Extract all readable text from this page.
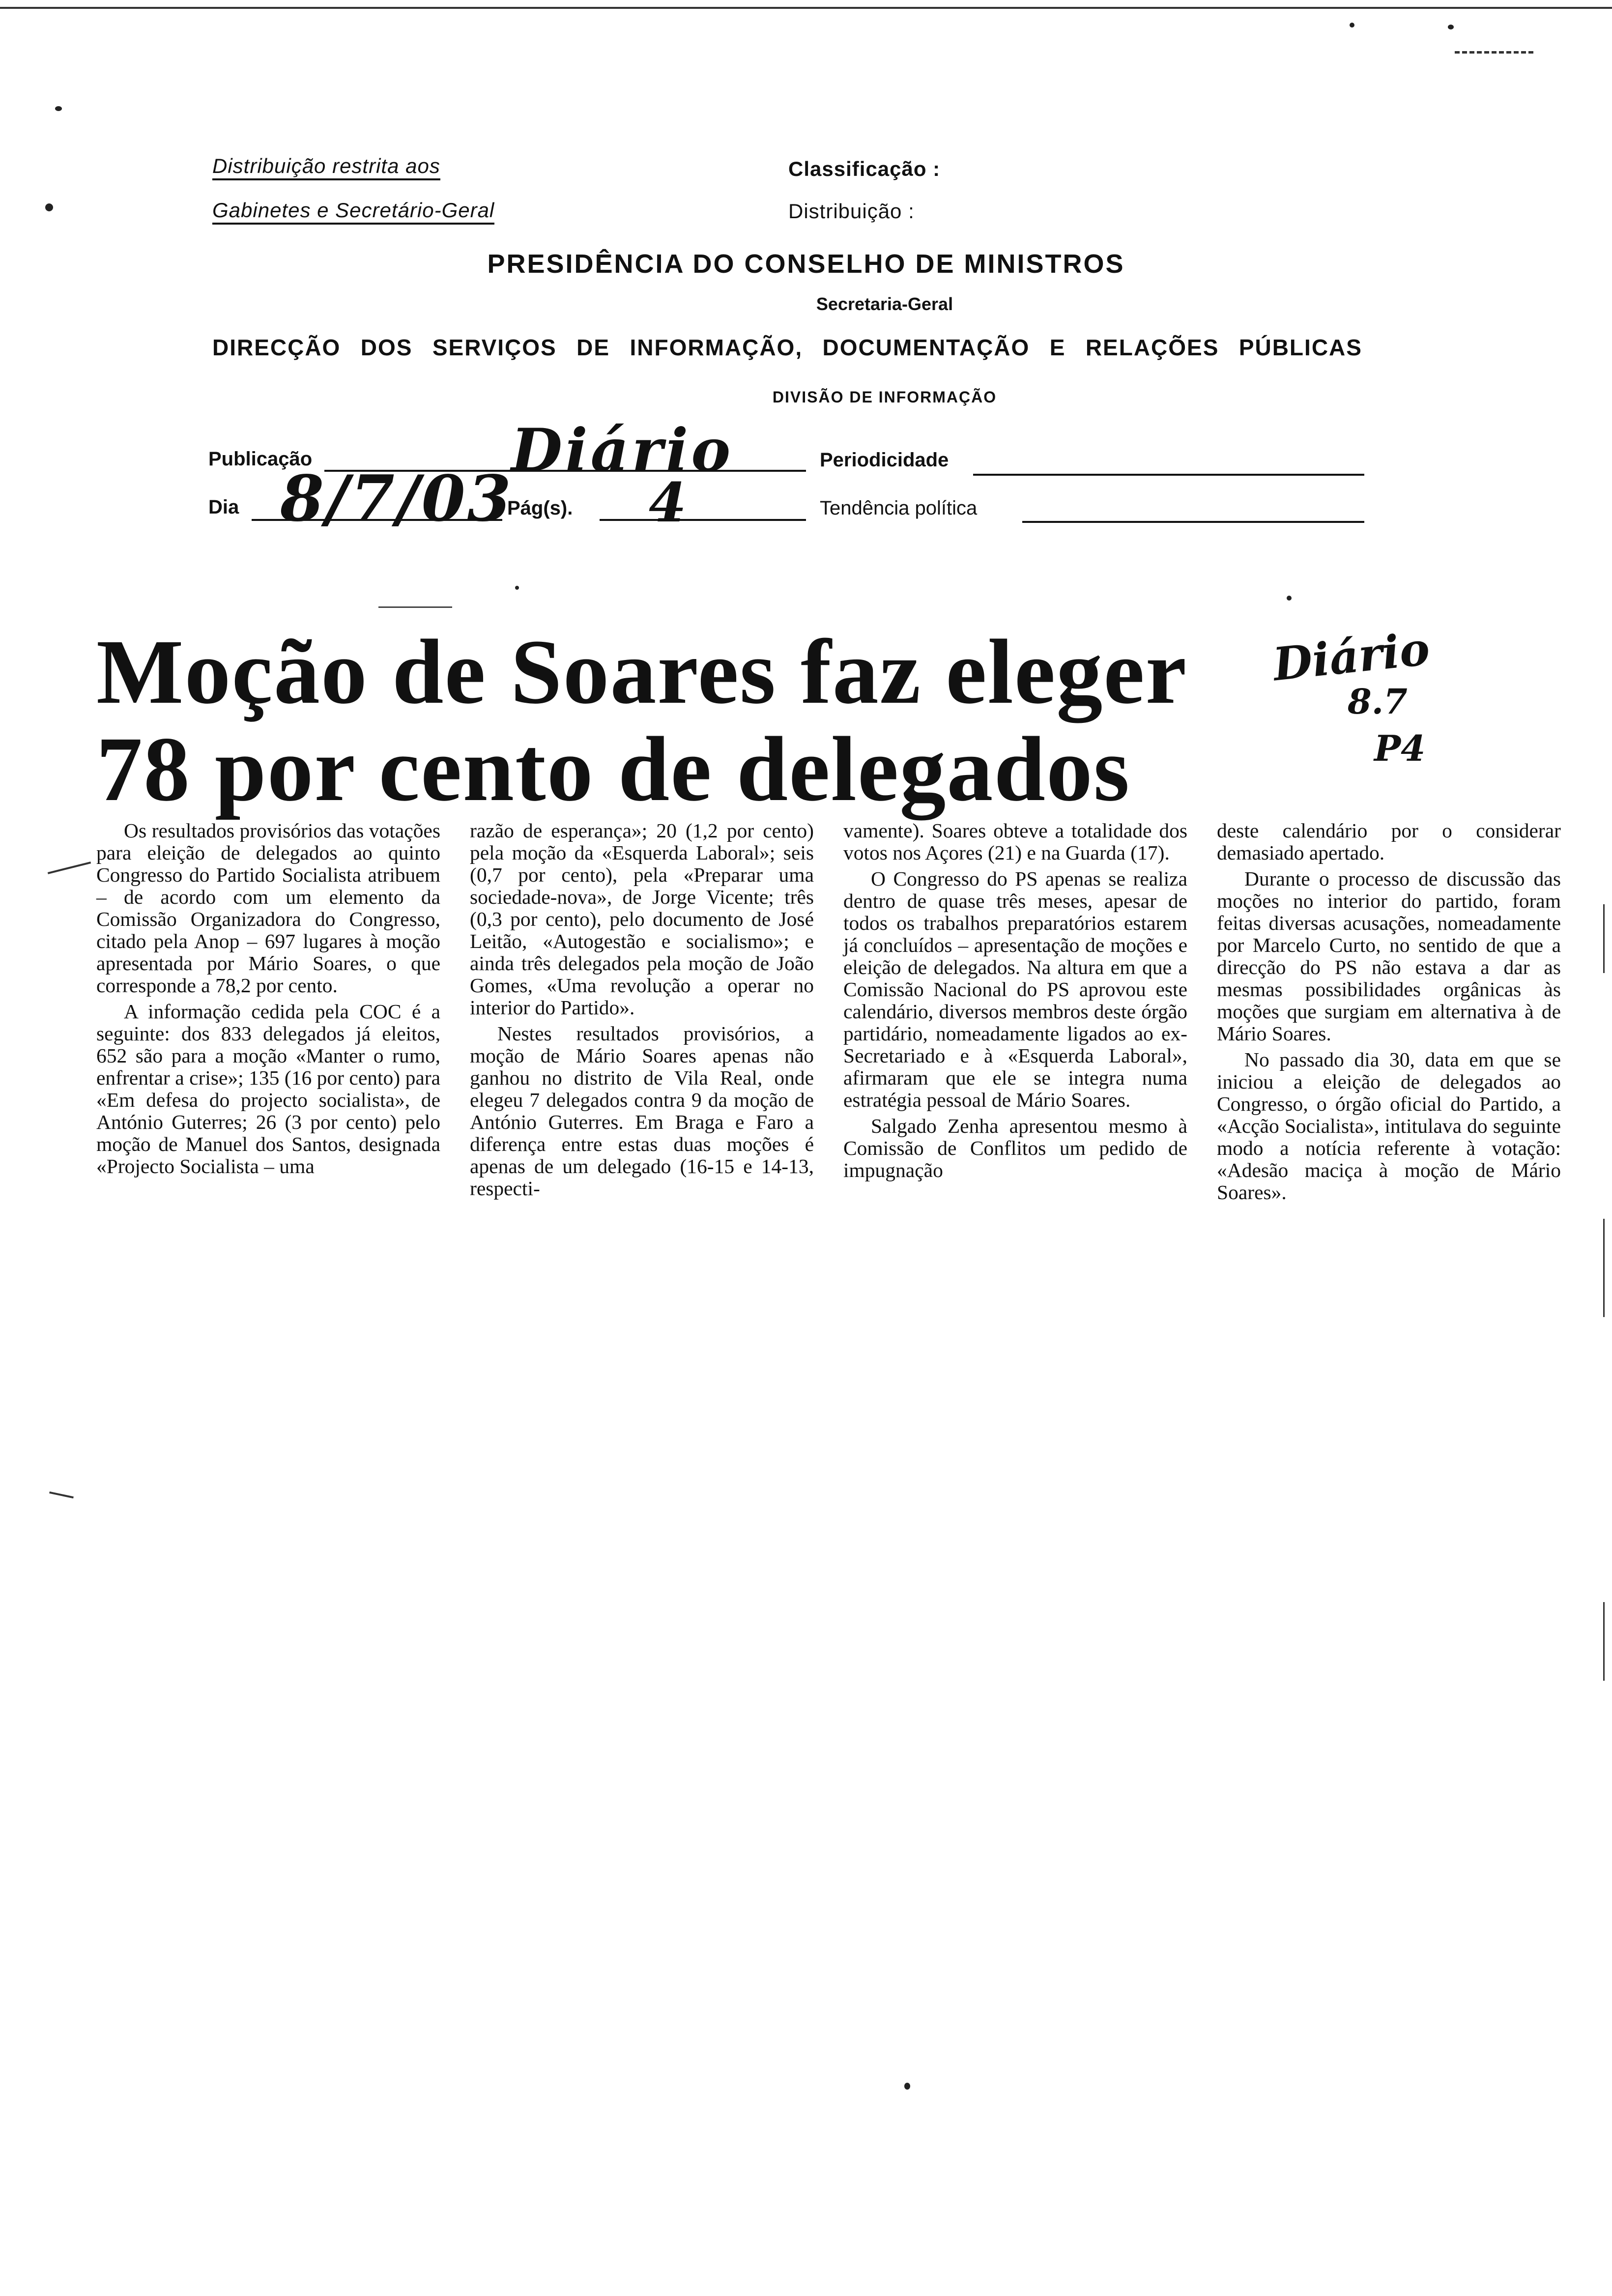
Distribuição restrita aos
Gabinetes e Secretário-Geral
Classificação :
Distribuição :
PRESIDÊNCIA DO CONSELHO DE MINISTROS
Secretaria-Geral
DIRECÇÃO DOS SERVIÇOS DE INFORMAÇÃO, DOCUMENTAÇÃO E RELAÇÕES PÚBLICAS
DIVISÃO DE INFORMAÇÃO
Publicação	Diário
Dia 8/7/03
Pág(s). 4
Periodicidade
Tendência política
Moção de Soares faz eleger
78 por cento de delegados
Diário
8.7
P4

Os resultados provisórios das votações para eleição de delegados ao quinto Congresso do Partido Socialista atribuem – de acordo com um elemento da Comissão Organizadora do Congresso, citado pela Anop – 697 lugares à moção apresentada por Mário Soares, o que corresponde a 78,2 por cento.

A informação cedida pela COC é a seguinte: dos 833 delegados já eleitos, 652 são para a moção «Manter o rumo, enfrentar a crise»; 135 (16 por cento) para «Em defesa do projecto socialista», de António Guterres; 26 (3 por cento) pelo moção de Manuel dos Santos, designada «Projecto Socialista – uma

razão de esperança»; 20 (1,2 por cento) pela moção da «Esquerda Laboral»; seis (0,7 por cento), pela «Preparar uma sociedade-nova», de Jorge Vicente; três (0,3 por cento), pelo documento de José Leitão, «Autogestão e socialismo»; e ainda três delegados pela moção de João Gomes, «Uma revolução a operar no interior do Partido».

Nestes resultados provisórios, a moção de Mário Soares apenas não ganhou no distrito de Vila Real, onde elegeu 7 delegados contra 9 da moção de António Guterres. Em Braga e Faro a diferença entre estas duas moções é apenas de um delegado (16-15 e 14-13, respecti-

vamente). Soares obteve a totalidade dos votos nos Açores (21) e na Guarda (17).

O Congresso do PS apenas se realiza dentro de quase três meses, apesar de todos os trabalhos preparatórios estarem já concluídos – apresentação de moções e eleição de delegados. Na altura em que a Comissão Nacional do PS aprovou este calendário, diversos membros deste órgão partidário, nomeadamente ligados ao ex-Secretariado e à «Esquerda Laboral», afirmaram que ele se integra numa estratégia pessoal de Mário Soares.

Salgado Zenha apresentou mesmo à Comissão de Conflitos um pedido de impugnação

deste calendário por o considerar demasiado apertado.

Durante o processo de discussão das moções no interior do partido, foram feitas diversas acusações, nomeadamente por Marcelo Curto, no sentido de que a direcção do PS não estava a dar as mesmas possibilidades orgânicas às moções que surgiam em alternativa à de Mário Soares.

No passado dia 30, data em que se iniciou a eleição de delegados ao Congresso, o órgão oficial do Partido, a «Acção Socialista», intitulava do seguinte modo a notícia referente à votação: «Adesão maciça à moção de Mário Soares».
